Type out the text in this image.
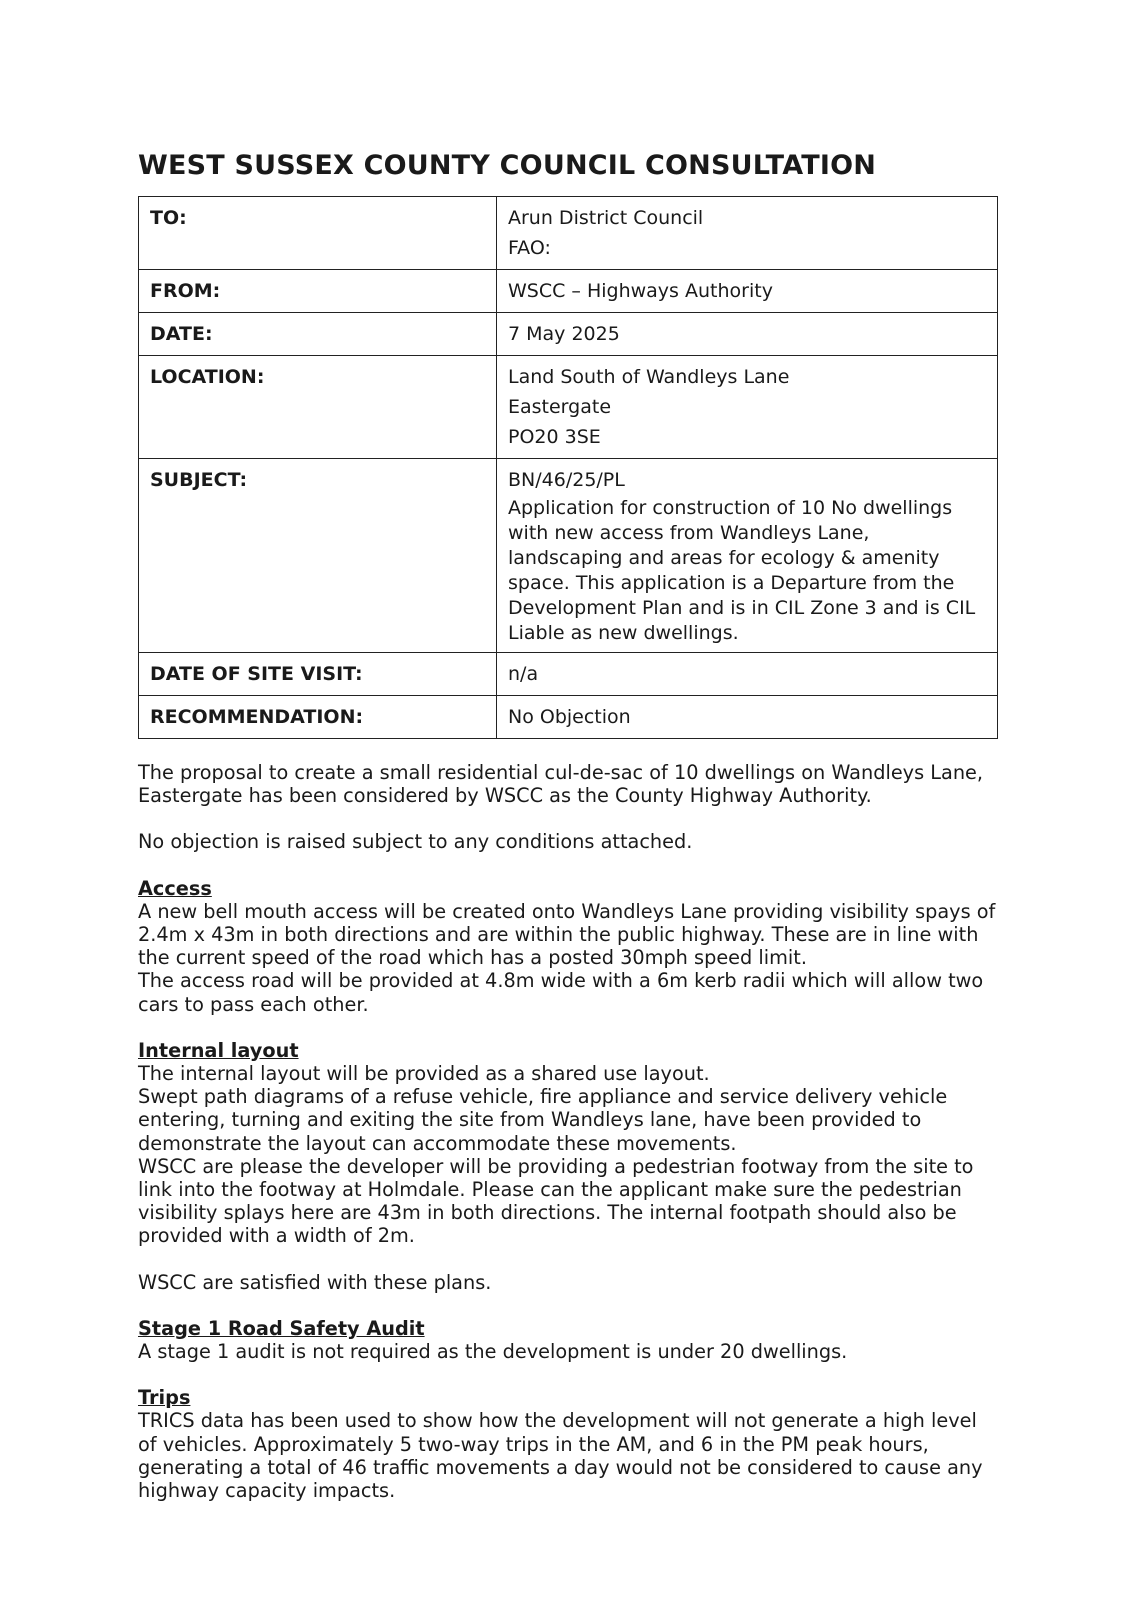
WEST SUSSEX COUNTY COUNCIL CONSULTATION
TO:	Arun District Council
FAO:

FROM:	WSCC – Highways Authority
DATE:	7 May 2025
LOCATION:	Land South of Wandleys Lane
Eastergate
PO20 3SE

SUBJECT:	BN/46/25/PL
Application for construction of 10 No dwellings with new access from Wandleys Lane, landscaping and areas for ecology & amenity space. This application is a Departure from the Development Plan and is in CIL Zone 3 and is CIL Liable as new dwellings.

DATE OF SITE VISIT:	n/a
RECOMMENDATION:	No Objection

The proposal to create a small residential cul-de-sac of 10 dwellings on Wandleys Lane, Eastergate has been considered by WSCC as the County Highway Authority.

No objection is raised subject to any conditions attached.

Access

A new bell mouth access will be created onto Wandleys Lane providing visibility spays of 2.4m x 43m in both directions and are within the public highway. These are in line with the current speed of the road which has a posted 30mph speed limit.

The access road will be provided at 4.8m wide with a 6m kerb radii which will allow two cars to pass each other.

Internal layout

The internal layout will be provided as a shared use layout.

Swept path diagrams of a refuse vehicle, fire appliance and service delivery vehicle entering, turning and exiting the site from Wandleys lane, have been provided to demonstrate the layout can accommodate these movements.

WSCC are please the developer will be providing a pedestrian footway from the site to link into the footway at Holmdale. Please can the applicant make sure the pedestrian visibility splays here are 43m in both directions. The internal footpath should also be provided with a width of 2m.

WSCC are satisfied with these plans.

Stage 1 Road Safety Audit

A stage 1 audit is not required as the development is under 20 dwellings.

Trips

TRICS data has been used to show how the development will not generate a high level of vehicles. Approximately 5 two-way trips in the AM, and 6 in the PM peak hours, generating a total of 46 traffic movements a day would not be considered to cause any highway capacity impacts.
